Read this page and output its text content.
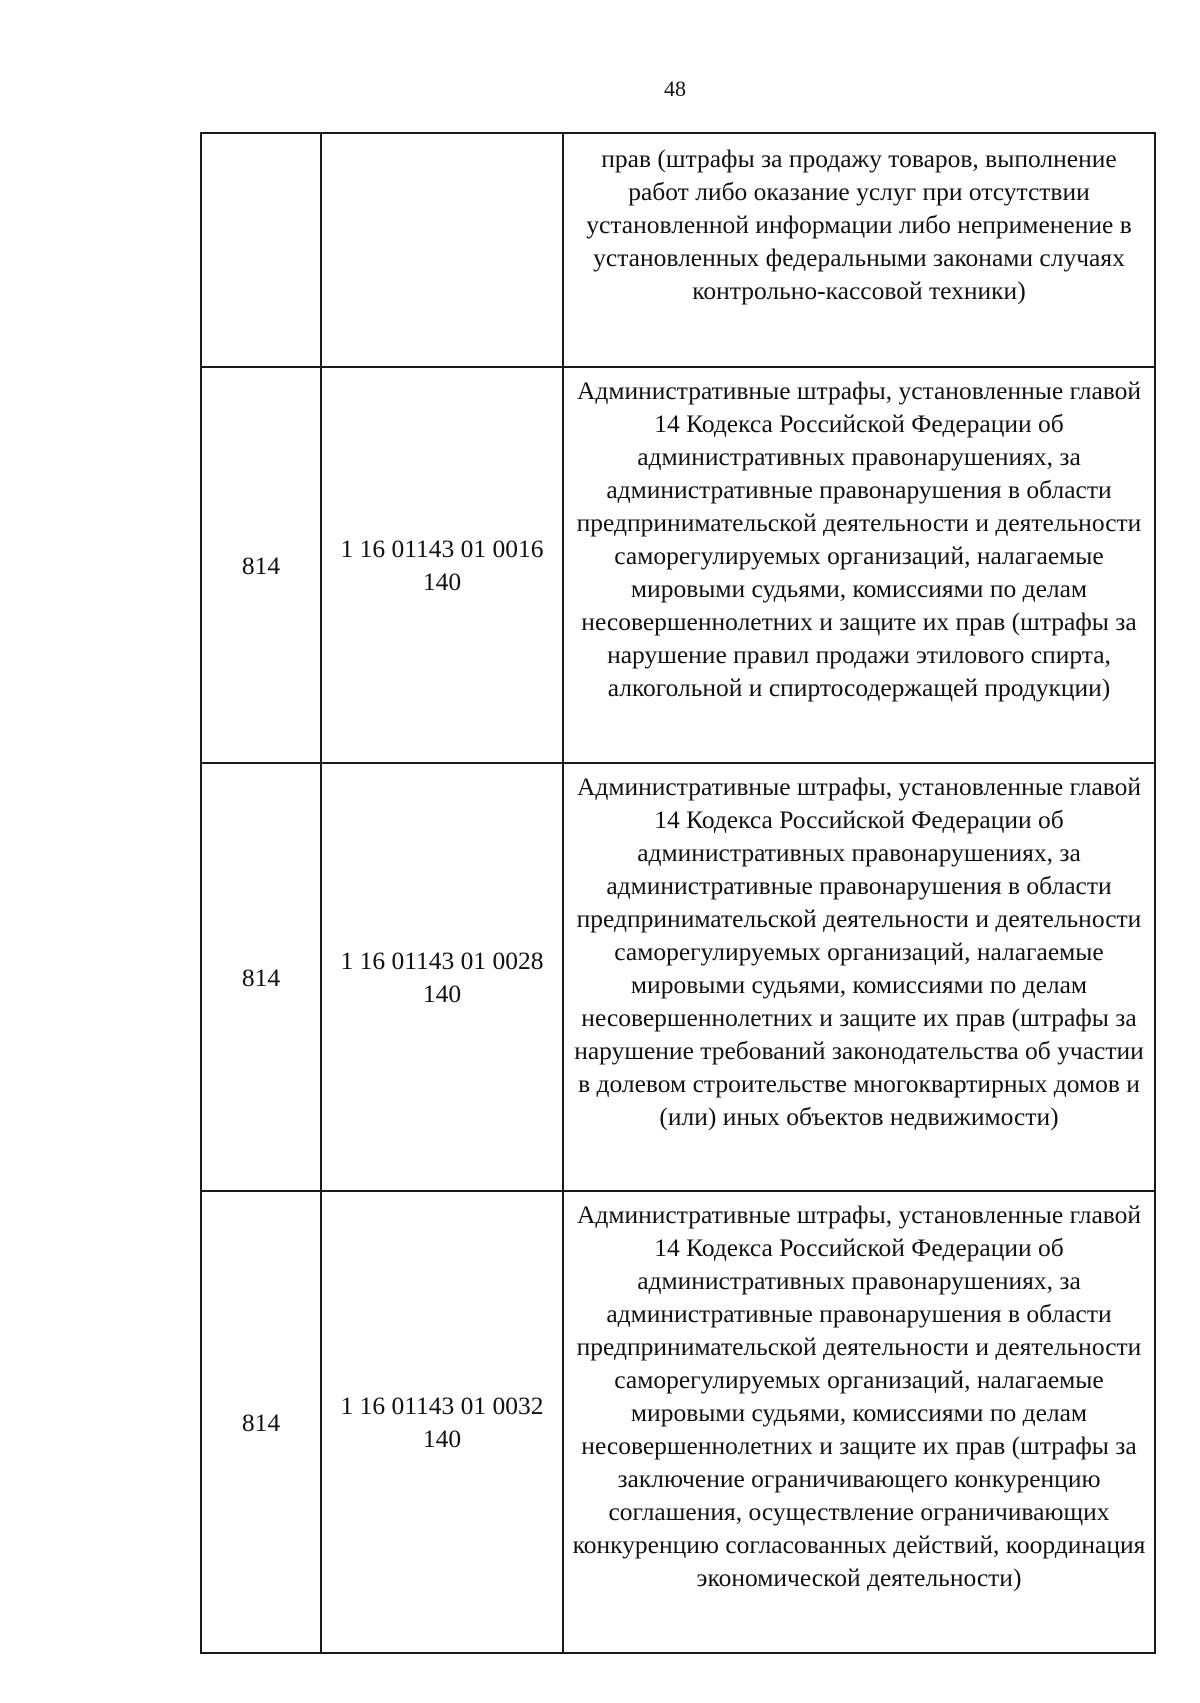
48
		прав (штрафы за продажу товаров, выполнение работ либо оказание услуг при отсутствии установленной информации либо неприменение в установленных федеральными законами случаях контрольно-кассовой техники)
814	1 16 01143 01 0016 140	Административные штрафы, установленные главой 14 Кодекса Российской Федерации об административных правонарушениях, за административные правонарушения в области предпринимательской деятельности и деятельности саморегулируемых организаций, налагаемые мировыми судьями, комиссиями по делам несовершеннолетних и защите их прав (штрафы за нарушение правил продажи этилового спирта, алкогольной и спиртосодержащей продукции)
814	1 16 01143 01 0028 140	Административные штрафы, установленные главой 14 Кодекса Российской Федерации об административных правонарушениях, за административные правонарушения в области предпринимательской деятельности и деятельности саморегулируемых организаций, налагаемые мировыми судьями, комиссиями по делам несовершеннолетних и защите их прав (штрафы за нарушение требований законодательства об участии в долевом строительстве многоквартирных домов и (или) иных объектов недвижимости)
814	1 16 01143 01 0032 140	Административные штрафы, установленные главой 14 Кодекса Российской Федерации об административных правонарушениях, за административные правонарушения в области предпринимательской деятельности и деятельности саморегулируемых организаций, налагаемые мировыми судьями, комиссиями по делам несовершеннолетних и защите их прав (штрафы за заключение ограничивающего конкуренцию соглашения, осуществление ограничивающих конкуренцию согласованных действий, координация экономической деятельности)
